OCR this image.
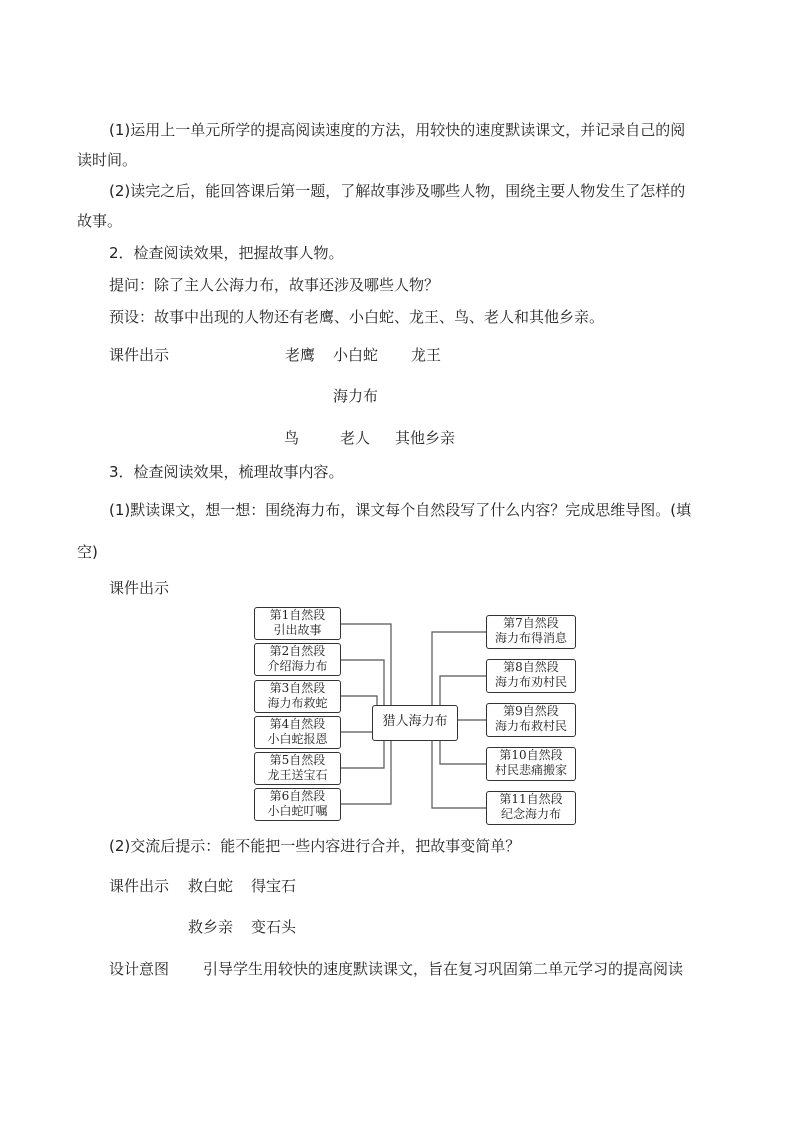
(1)运用上一单元所学的提高阅读速度的方法，用较快的速度默读课文，并记录自己的阅
读时间。
(2)读完之后，能回答课后第一题，了解故事涉及哪些人物，围绕主要人物发生了怎样的
故事。
2．检查阅读效果，把握故事人物。
提问：除了主人公海力布，故事还涉及哪些人物？
预设：故事中出现的人物还有老鹰、小白蛇、龙王、鸟、老人和其他乡亲。
课件出示	老鹰 小白蛇 龙王
海力布
鸟	老人 其他乡亲
3．检查阅读效果，梳理故事内容。
(1)默读课文，想一想：围绕海力布，课文每个自然段写了什么内容？完成思维导图。(填
空)
课件出示
猎人海力布
第1自然段
引出故事
第2自然段
介绍海力布
第3自然段
海力布救蛇
第4自然段
小白蛇报恩
第5自然段
龙王送宝石
第6自然段
小白蛇叮嘱
第7自然段
海力布得消息
第8自然段
海力布劝村民
第9自然段
海力布救村民
第10自然段
村民悲痛搬家
第11自然段
纪念海力布
(2)交流后提示：能不能把一些内容进行合并，把故事变简单？
课件出示 救白蛇 得宝石
救乡亲 变石头
设计意图 引导学生用较快的速度默读课文，旨在复习巩固第二单元学习的提高阅读
